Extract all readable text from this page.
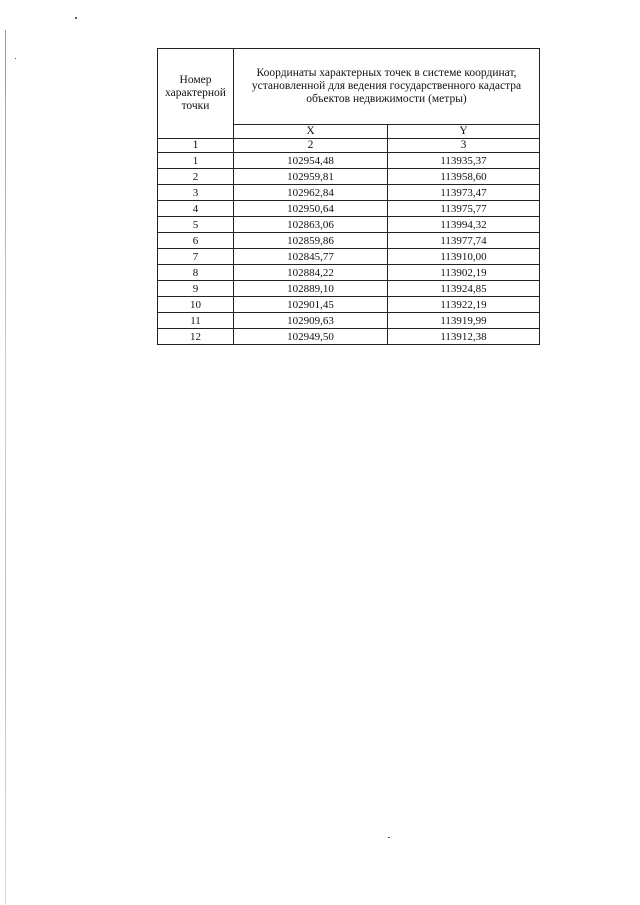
Номер характерной точки	Координаты характерных точек в системе координат, установленной для ведения государственного кадастра объектов недвижимости (метры)	
	X	Y
1	2	3
1	102954,48	113935,37
2	102959,81	113958,60
3	102962,84	113973,47
4	102950,64	113975,77
5	102863,06	113994,32
6	102859,86	113977,74
7	102845,77	113910,00
8	102884,22	113902,19
9	102889,10	113924,85
10	102901,45	113922,19
11	102909,63	113919,99
12	102949,50	113912,38
